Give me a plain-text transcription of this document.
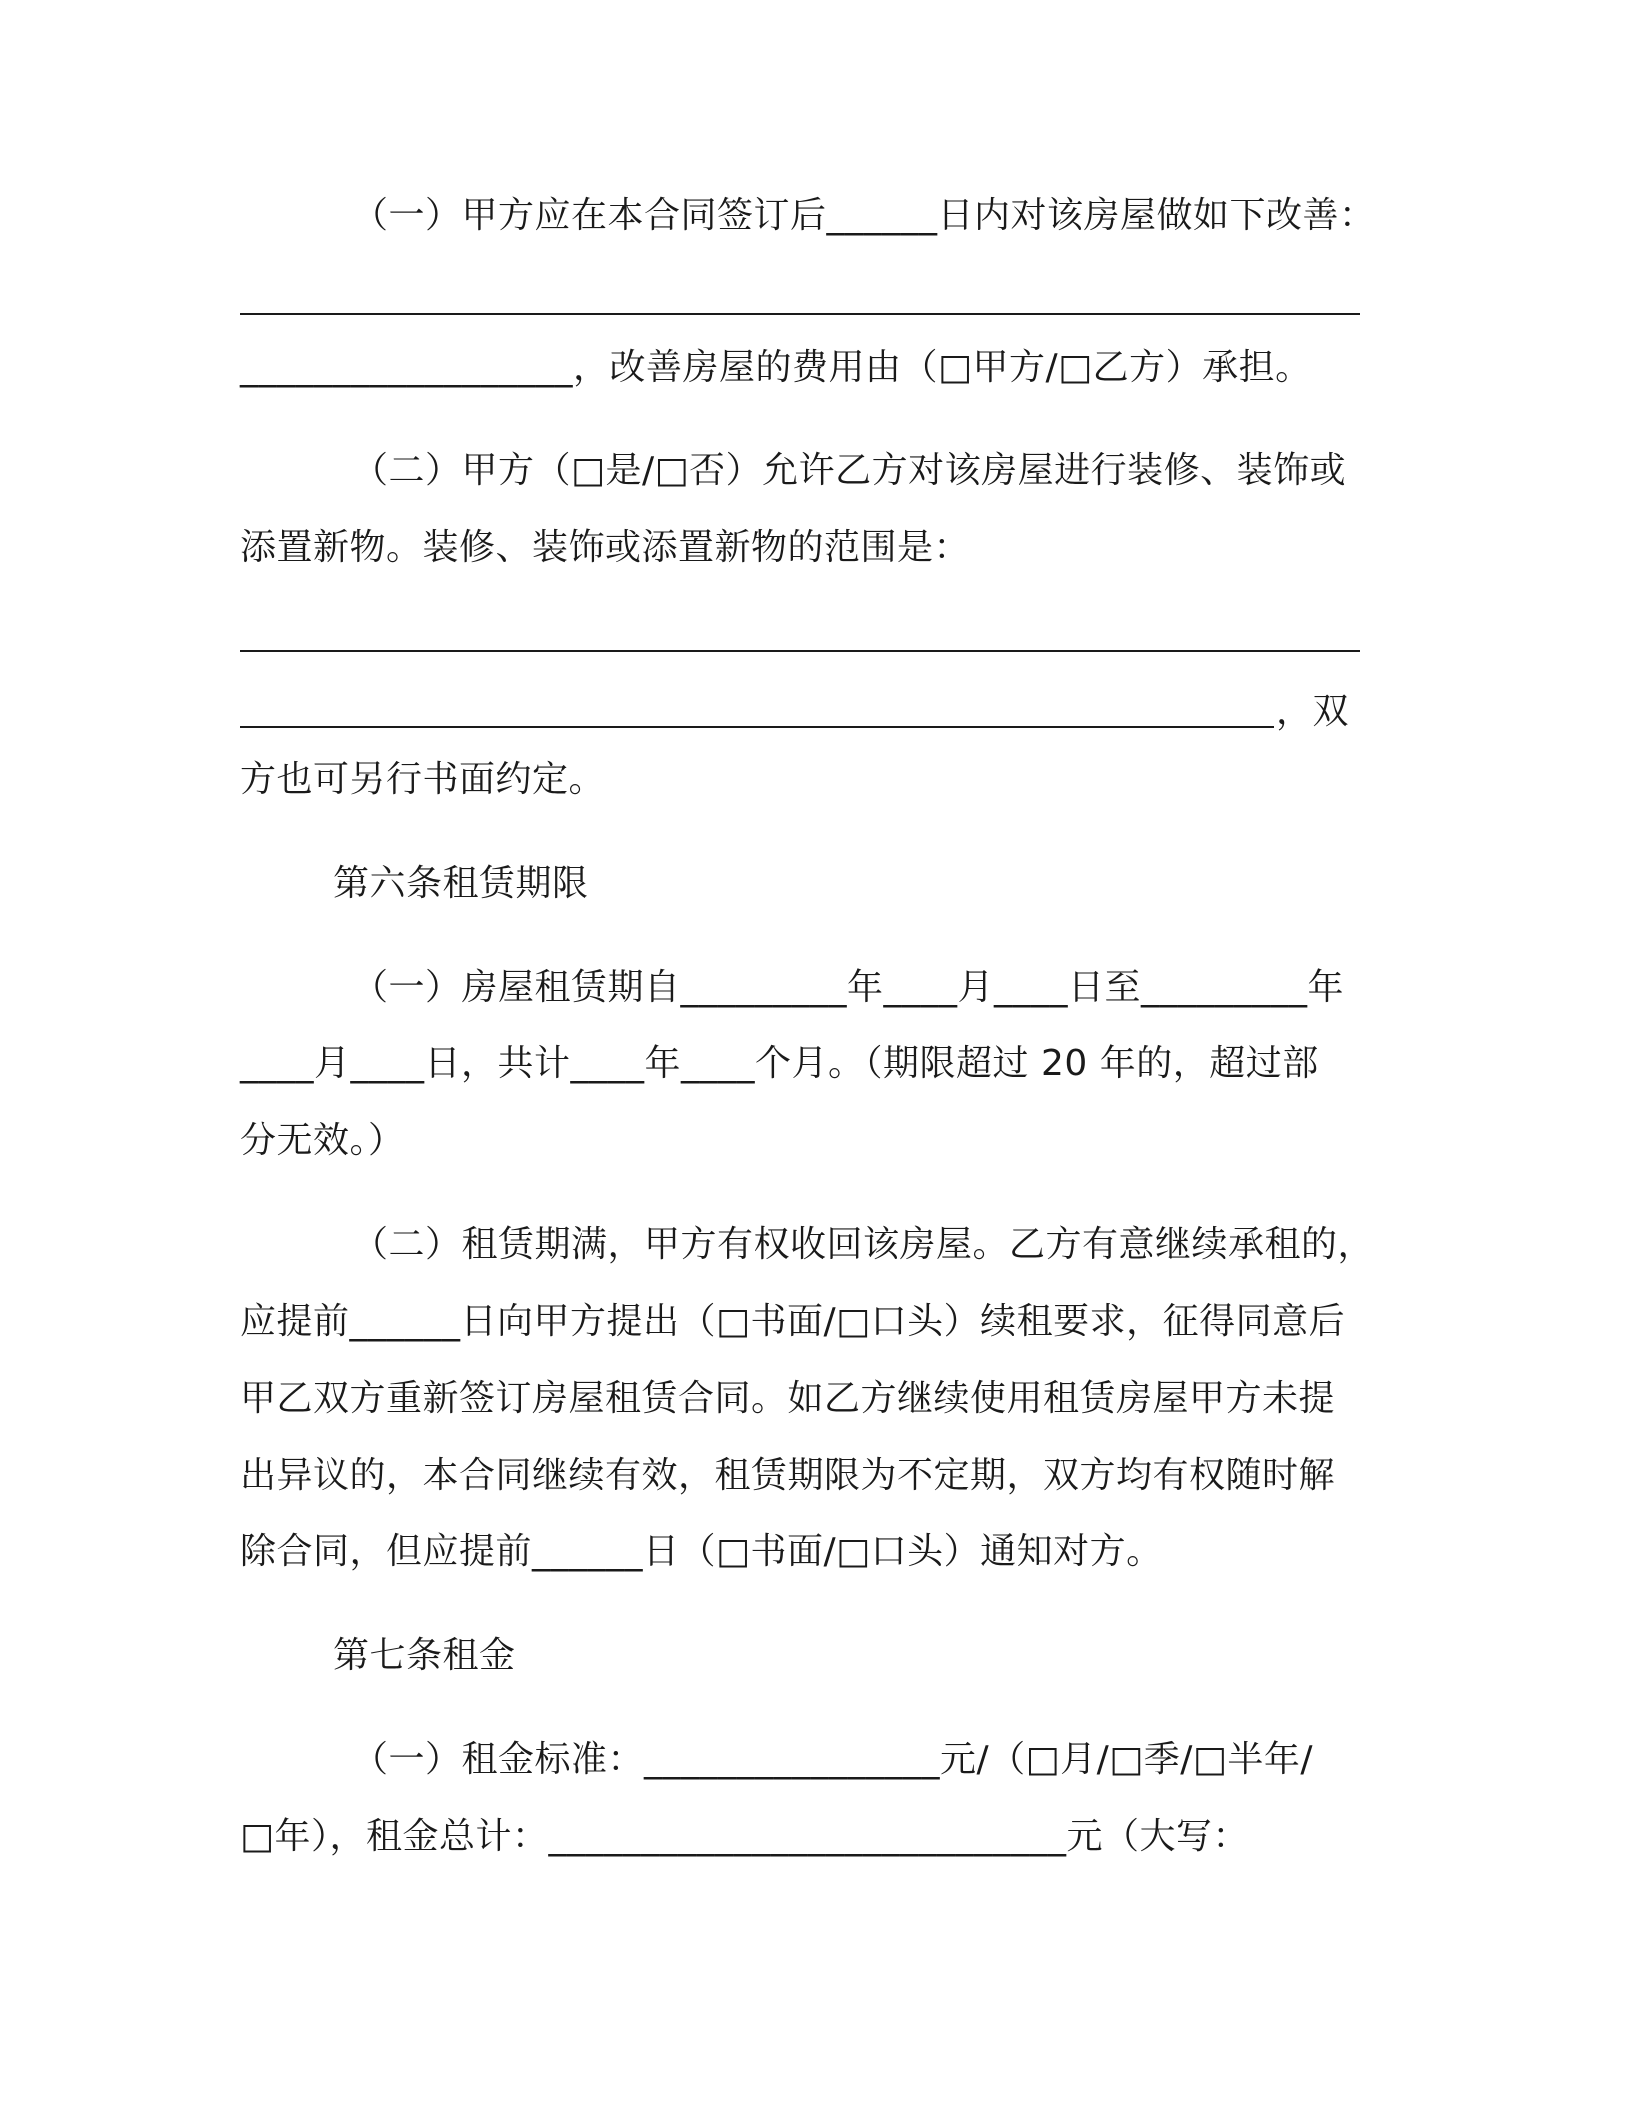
（一）甲方应在本合同签订后______日内对该房屋做如下改善：
__________________，改善房屋的费用由（□甲方/□乙方）承担。
（二）甲方（□是/□否）允许乙方对该房屋进行装修、装饰或
添置新物。装修、装饰或添置新物的范围是：
，双
方也可另行书面约定。
第六条租赁期限
（一）房屋租赁期自_________年____月____日至_________年
____月____日，共计____年____个月。（期限超过 20 年的，超过部
分无效。）
（二）租赁期满，甲方有权收回该房屋。乙方有意继续承租的，
应提前______日向甲方提出（□书面/□口头）续租要求，征得同意后
甲乙双方重新签订房屋租赁合同。如乙方继续使用租赁房屋甲方未提
出异议的，本合同继续有效，租赁期限为不定期，双方均有权随时解
除合同，但应提前______日（□书面/□口头）通知对方。
第七条租金
（一）租金标准：________________元/（□月/□季/□半年/
□年），租金总计：____________________________元（大写：
